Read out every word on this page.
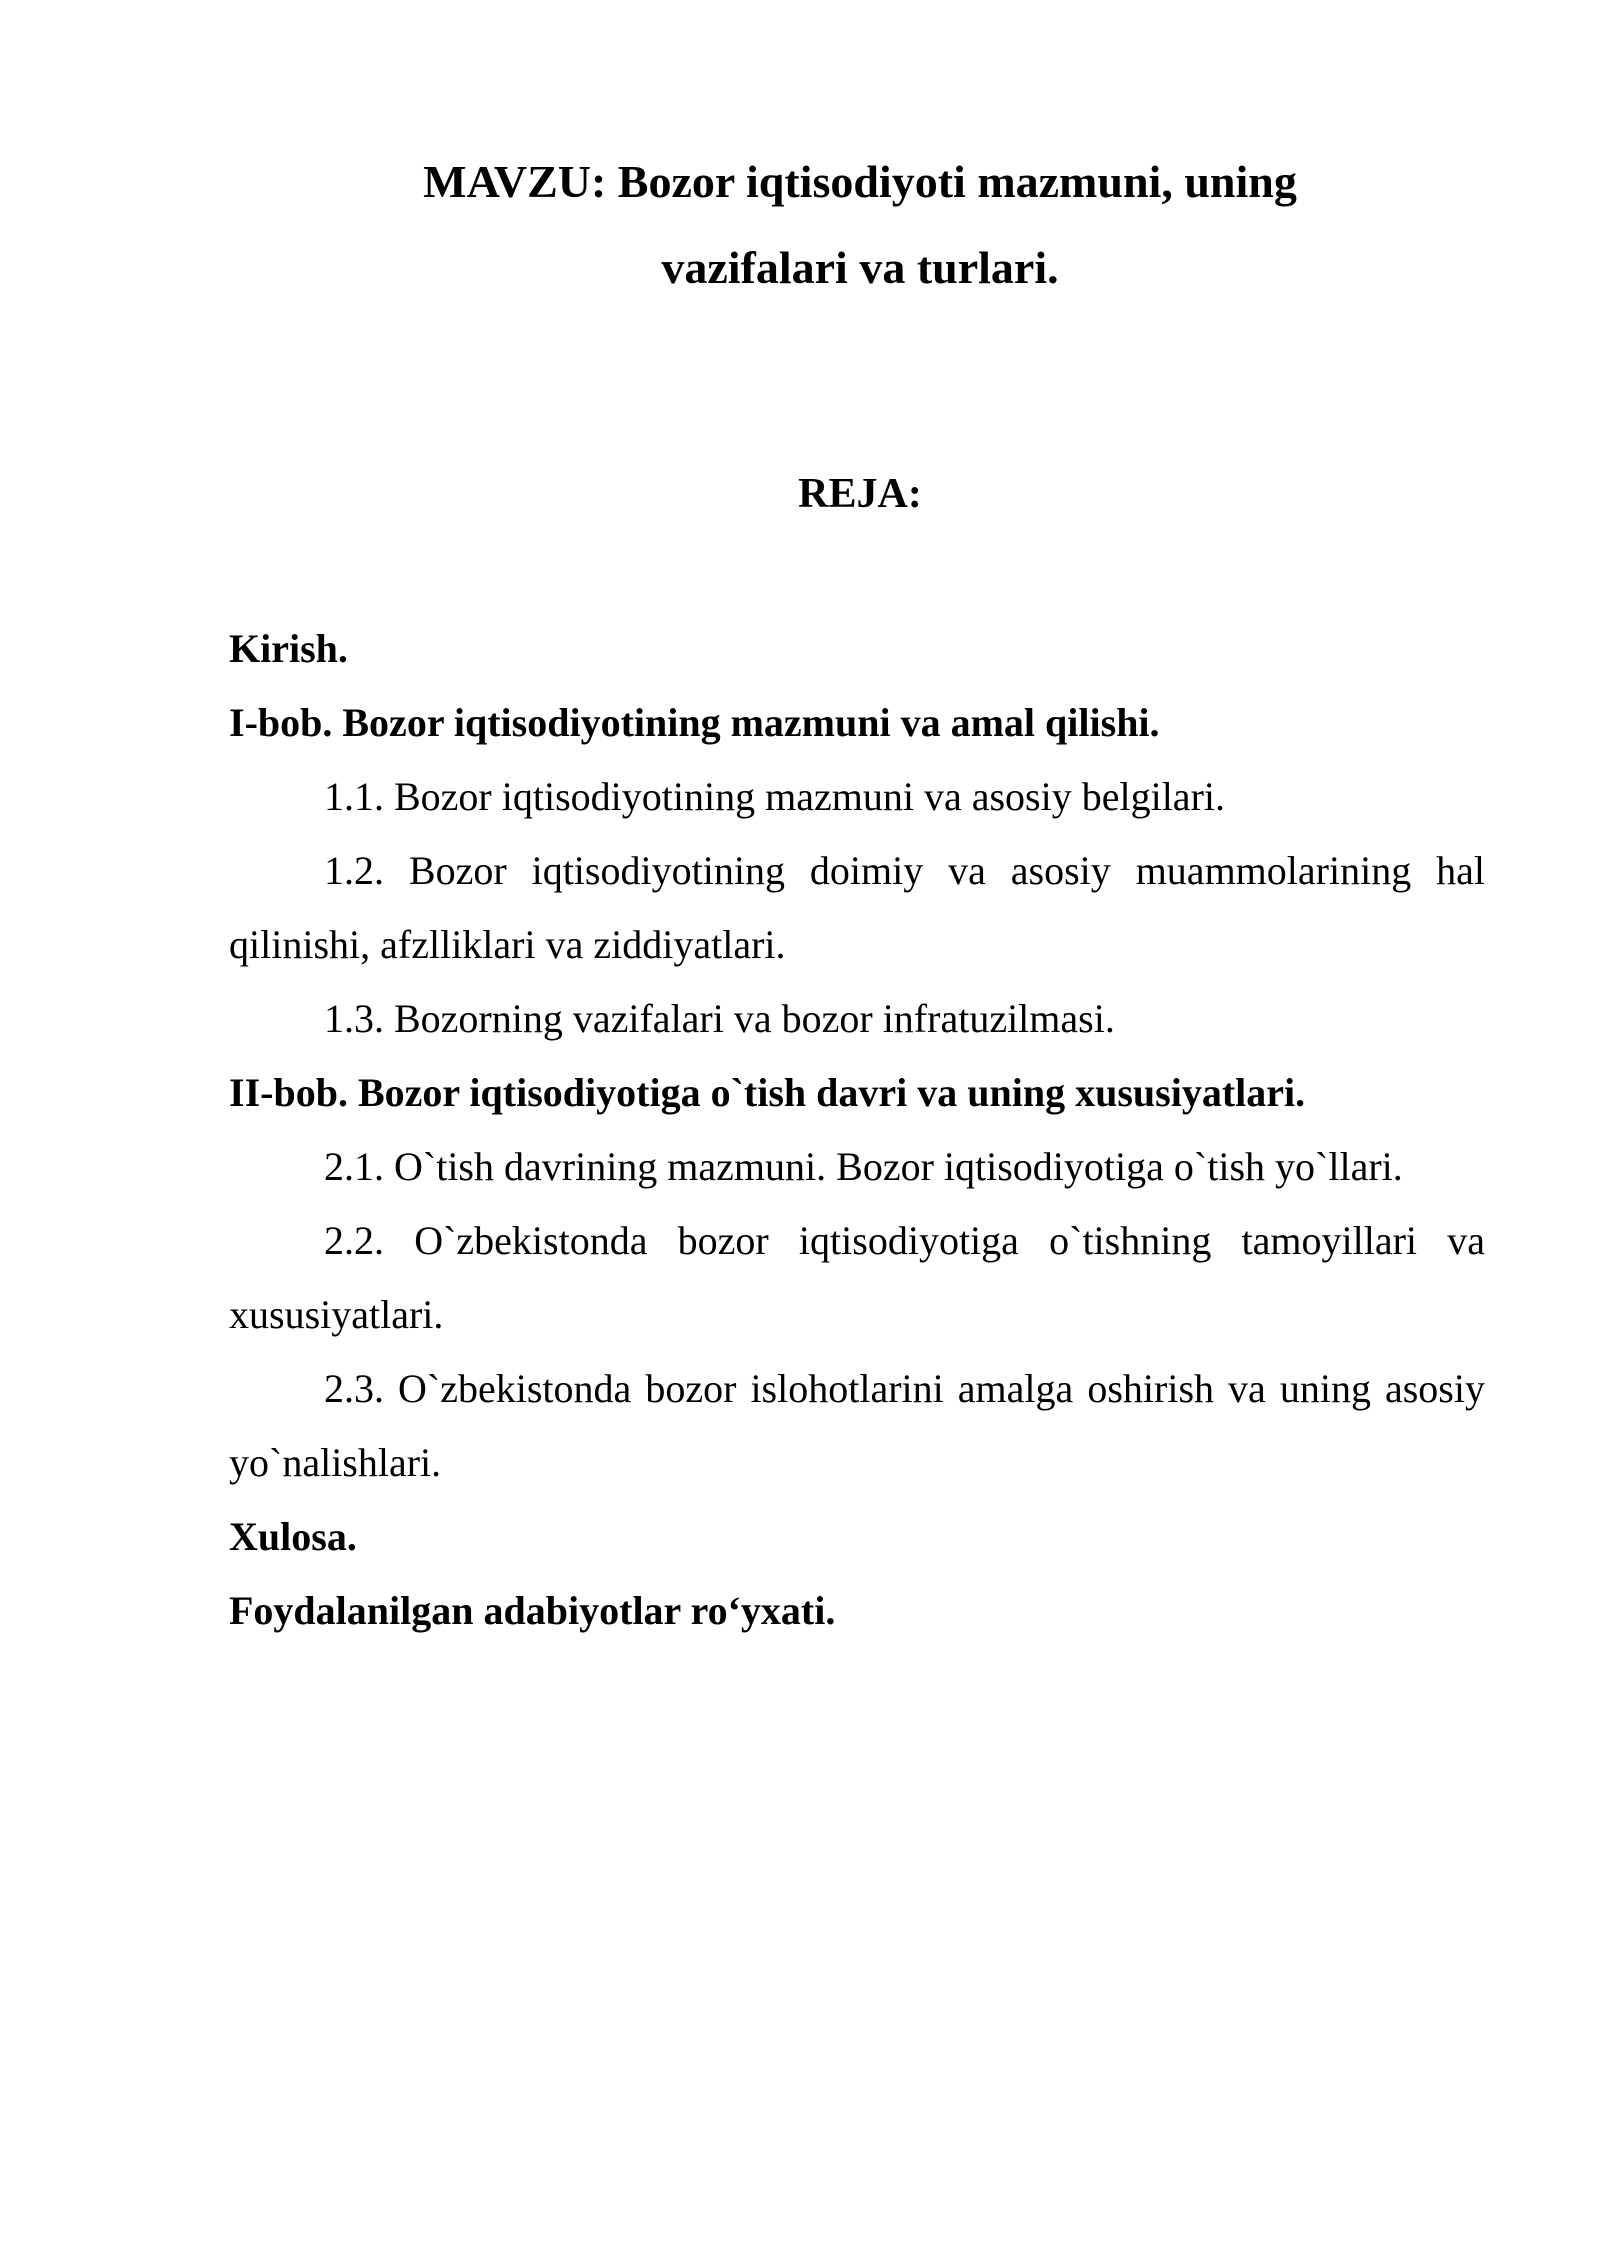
MAVZU: Bozor iqtisodiyoti mazmuni, uning

vazifalari va turlari.

REJA:

Kirish.
I-bob. Bozor iqtisodiyotining mazmuni va amal qilishi.
1.1. Bozor iqtisodiyotining mazmuni va asosiy belgilari.
1.2. Bozor iqtisodiyotining doimiy va asosiy muammolarining hal qilinishi, afzlliklari va ziddiyatlari.
1.3. Bozorning vazifalari va bozor infratuzilmasi.
II-bob. Bozor iqtisodiyotiga o`tish davri va uning xususiyatlari.
2.1. O`tish davrining mazmuni. Bozor iqtisodiyotiga o`tish yo`llari.
2.2. O`zbekistonda bozor iqtisodiyotiga o`tishning tamoyillari va xususiyatlari.
2.3. O`zbekistonda bozor islohotlarini amalga oshirish va uning asosiy yo`nalishlari.
Xulosa.
Foydalanilgan adabiyotlar ro‘yxati.
